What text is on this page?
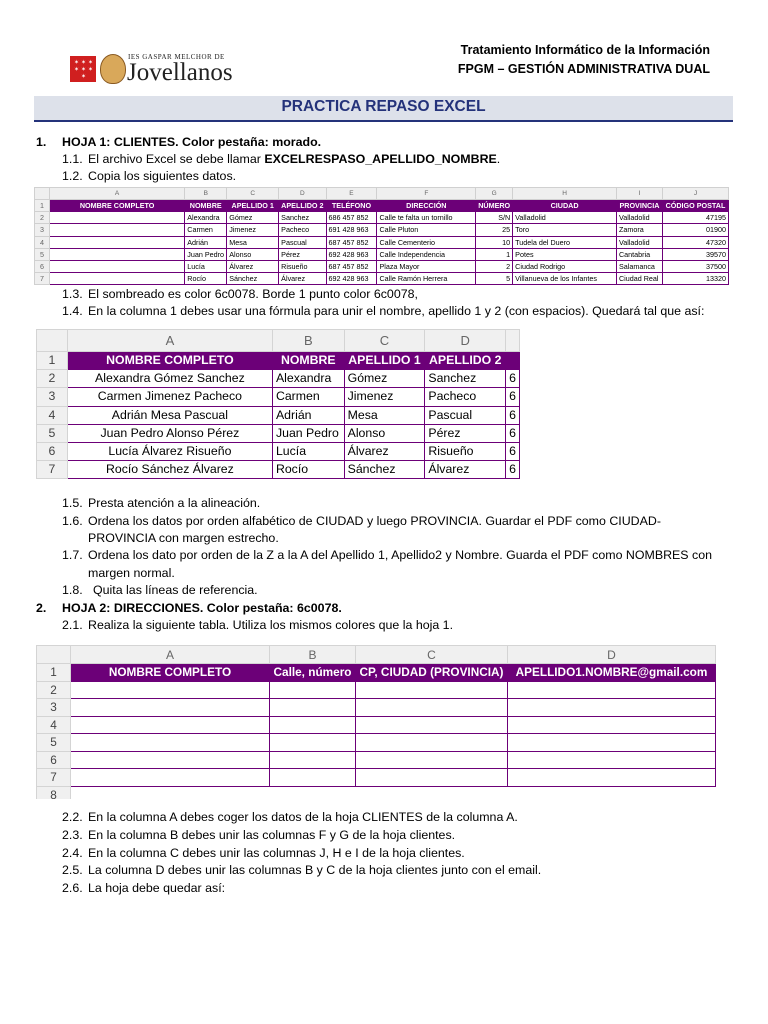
✶ ✶ ✶
✶ ✶ ✶
✶
IES GASPAR MELCHOR DE
Jovellanos
Tratamiento Informático de la Información
FPGM – GESTIÓN ADMINISTRATIVA DUAL
PRACTICA REPASO EXCEL
1. HOJA 1: CLIENTES. Color pestaña: morado.
1.1. El archivo Excel se debe llamar EXCELRESPASO_APELLIDO_NOMBRE.
1.2. Copia los siguientes datos.
	A	B	C	D	E	F	G	H	I	J
1	NOMBRE COMPLETO	NOMBRE	APELLIDO 1	APELLIDO 2	TELÉFONO	DIRECCIÓN	NÚMERO	CIUDAD	PROVINCIA	CÓDIGO POSTAL
2		Alexandra	Gómez	Sanchez	686 457 852	Calle te falta un tornillo	S/N	Valladolid	Valladolid	47195
3		Carmen	Jimenez	Pacheco	691 428 963	Calle Pluton	25	Toro	Zamora	01900
4		Adrián	Mesa	Pascual	687 457 852	Calle Cementerio	10	Tudela del Duero	Valladolid	47320
5		Juan Pedro	Alonso	Pérez	692 428 963	Calle Independencia	1	Potes	Cantabria	39570
6		Lucía	Álvarez	Risueño	687 457 852	Plaza Mayor	2	Ciudad Rodrigo	Salamanca	37500
7		Rocío	Sánchez	Álvarez	692 428 963	Calle Ramón Herrera	5	Villanueva de los Infantes	Ciudad Real	13320
1.3. El sombreado es color 6c0078. Borde 1 punto color 6c0078,
1.4. En la columna 1 debes usar una fórmula para unir el nombre, apellido 1 y 2 (con espacios). Quedará tal que así:
	A	B	C	D	
1	NOMBRE COMPLETO	NOMBRE	APELLIDO 1	APELLIDO 2	
2	Alexandra Gómez Sanchez	Alexandra	Gómez	Sanchez	6
3	Carmen Jimenez Pacheco	Carmen	Jimenez	Pacheco	6
4	Adrián Mesa Pascual	Adrián	Mesa	Pascual	6
5	Juan Pedro Alonso Pérez	Juan Pedro	Alonso	Pérez	6
6	Lucía Álvarez Risueño	Lucía	Álvarez	Risueño	6
7	Rocío Sánchez Álvarez	Rocío	Sánchez	Álvarez	6
1.5. Presta atención a la alineación.
1.6. Ordena los datos por orden alfabético de CIUDAD y luego PROVINCIA. Guardar el PDF como CIUDAD-
PROVINCIA con margen estrecho.
1.7. Ordena los dato por orden de la Z a la A del Apellido 1, Apellido2 y Nombre. Guarda el PDF como NOMBRES con
margen normal.
1.8. Quita las líneas de referencia.
2. HOJA 2: DIRECCIONES. Color pestaña: 6c0078.
2.1. Realiza la siguiente tabla. Utiliza los mismos colores que la hoja 1.
	A	B	C	D
1	NOMBRE COMPLETO	Calle, número	CP, CIUDAD (PROVINCIA)	APELLIDO1.NOMBRE@gmail.com
2				
3				
4				
5				
6				
7				
8				
2.2. En la columna A debes coger los datos de la hoja CLIENTES de la columna A.
2.3. En la columna B debes unir las columnas F y G de la hoja clientes.
2.4. En la columna C debes unir las columnas J, H e I de la hoja clientes.
2.5. La columna D debes unir las columnas B y C de la hoja clientes junto con el email.
2.6. La hoja debe quedar así:
